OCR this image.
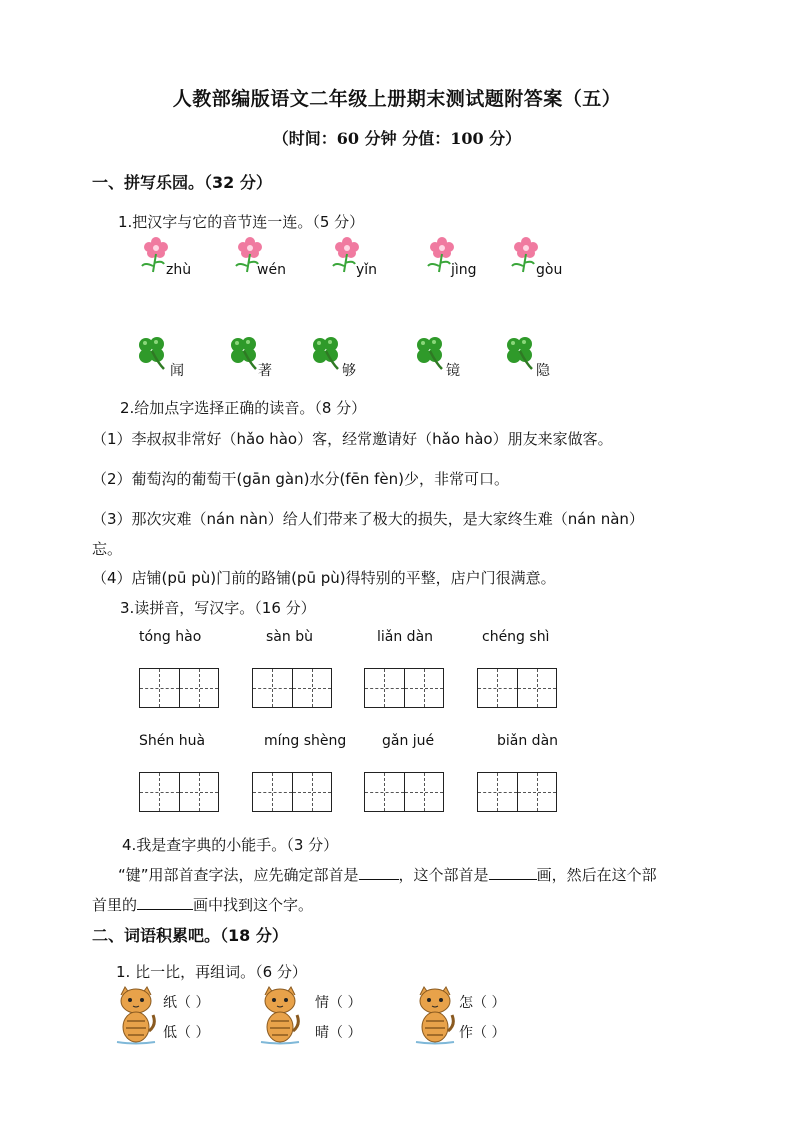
人教部编版语文二年级上册期末测试题附答案（五）
（时间：60 分钟 分值：100 分）
一、拼写乐园。（32 分）
1.把汉字与它的音节连一连。（5 分）
zhù	wén	yǐn	jìng	gòu
闻	著	够	镜	隐
2.给加点字选择正确的读音。（8 分）
（1）李叔叔非常好（hǎo hào）客，经常邀请好（hǎo hào）朋友来家做客。
（2）葡萄沟的葡萄干(gān gàn)水分(fēn fèn)少，非常可口。
（3）那次灾难（nán nàn）给人们带来了极大的损失，是大家终生难（nán nàn）
忘。
（4）店铺(pū pù)门前的路铺(pū pù)得特别的平整，店户门很满意。
3.读拼音，写汉字。（16 分）
tóng hào	sàn bù	liǎn dàn	chéng shì
Shén huà	míng shèng	gǎn jué	biǎn dàn
4.我是查字典的小能手。（3 分）
“键”用部首查字法，应先确定部首是	，这个部首是	画，然后在这个部
首里的	画中找到这个字。
二、词语积累吧。（18 分）
1. 比一比，再组词。（6 分）
纸（ ）
低（ ）
情（ ）
晴（ ）
怎（ ）
作（ ）
